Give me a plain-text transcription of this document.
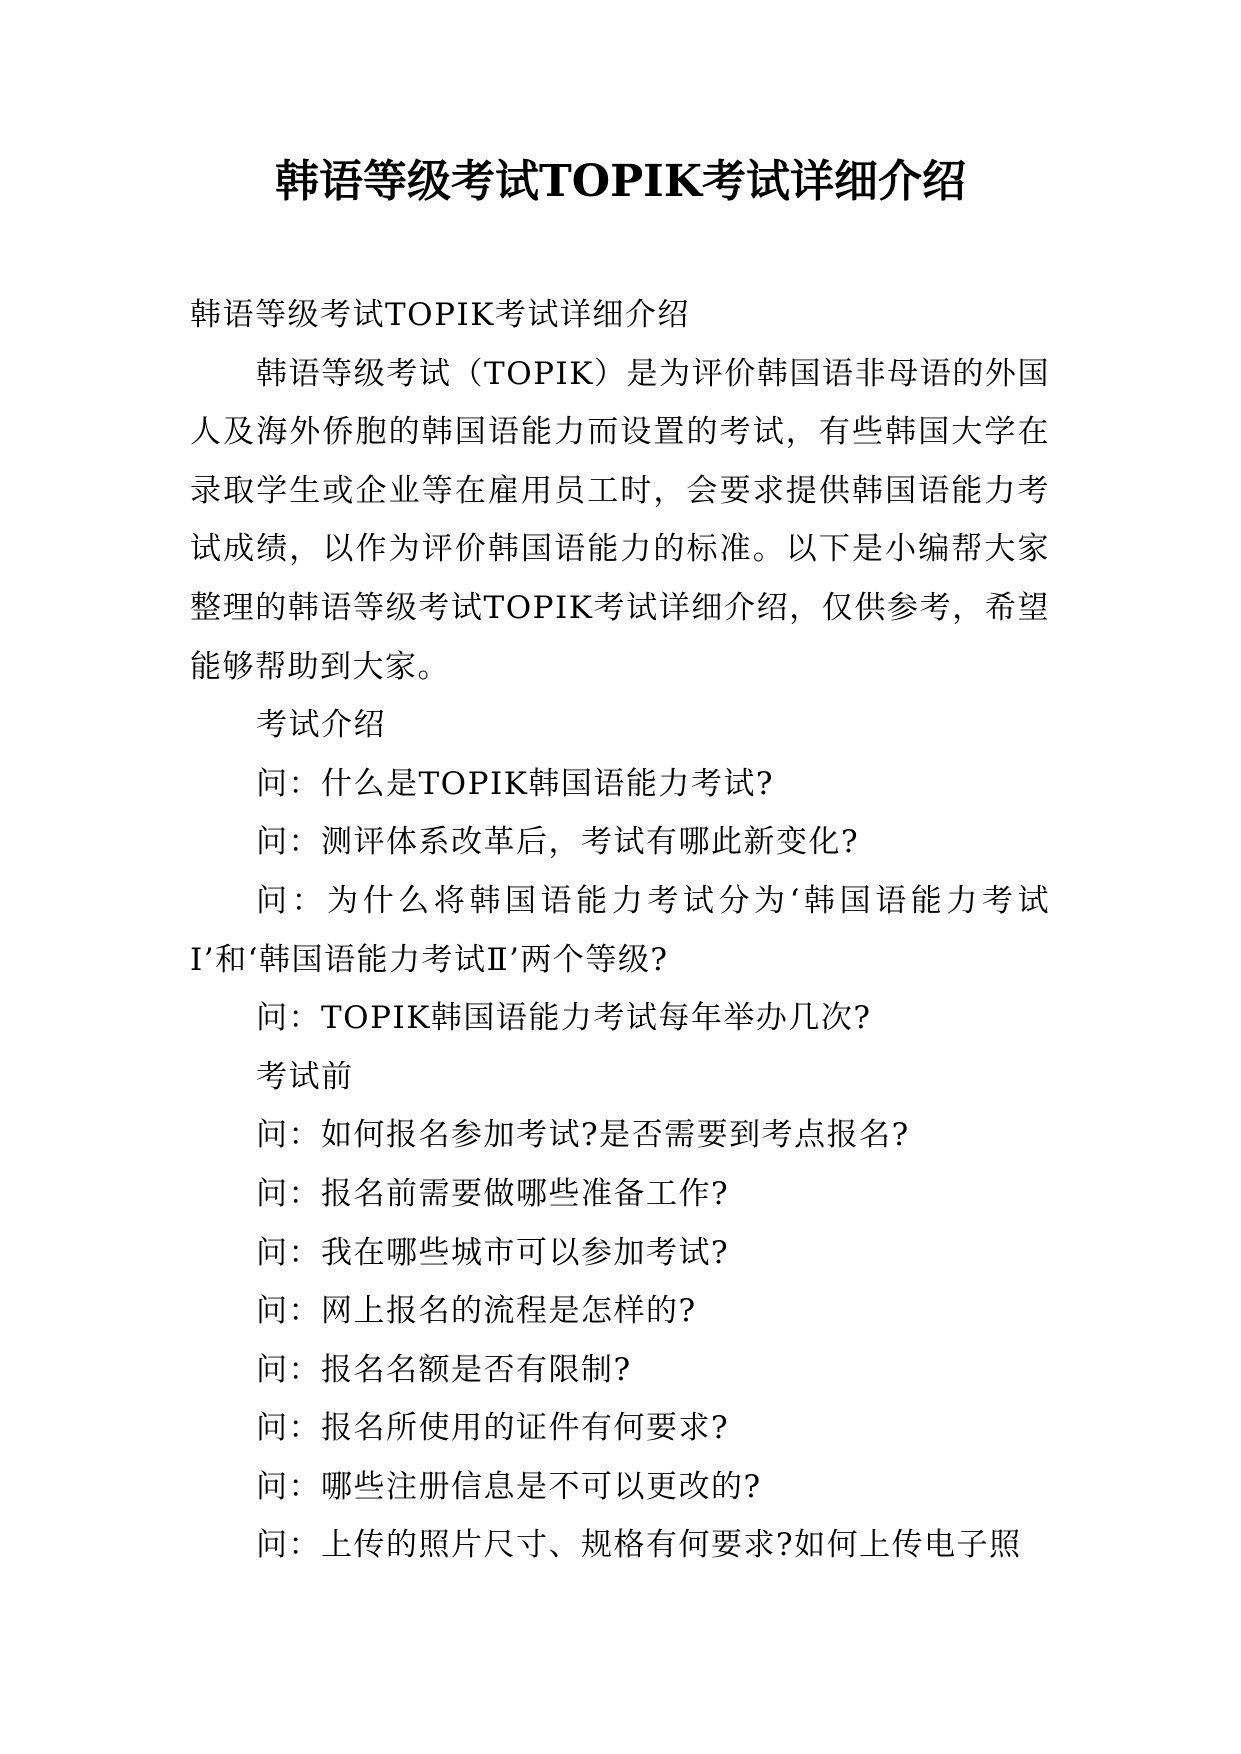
韩语等级考试TOPIK考试详细介绍

韩语等级考试TOPIK考试详细介绍

韩语等级考试（TOPIK）是为评价韩国语非母语的外国人及海外侨胞的韩国语能力而设置的考试，有些韩国大学在录取学生或企业等在雇用员工时，会要求提供韩国语能力考试成绩，以作为评价韩国语能力的标准。以下是小编帮大家整理的韩语等级考试TOPIK考试详细介绍，仅供参考，希望能够帮助到大家。

考试介绍

问：什么是TOPIK韩国语能力考试?

问：测评体系改革后，考试有哪此新变化?

问：为什么将韩国语能力考试分为‘韩国语能力考试Ⅰ’和‘韩国语能力考试Ⅱ’两个等级?

问：TOPIK韩国语能力考试每年举办几次?

考试前

问：如何报名参加考试?是否需要到考点报名?

问：报名前需要做哪些准备工作?

问：我在哪些城市可以参加考试?

问：网上报名的流程是怎样的?

问：报名名额是否有限制?

问：报名所使用的证件有何要求?

问：哪些注册信息是不可以更改的?

问：上传的照片尺寸、规格有何要求?如何上传电子照
